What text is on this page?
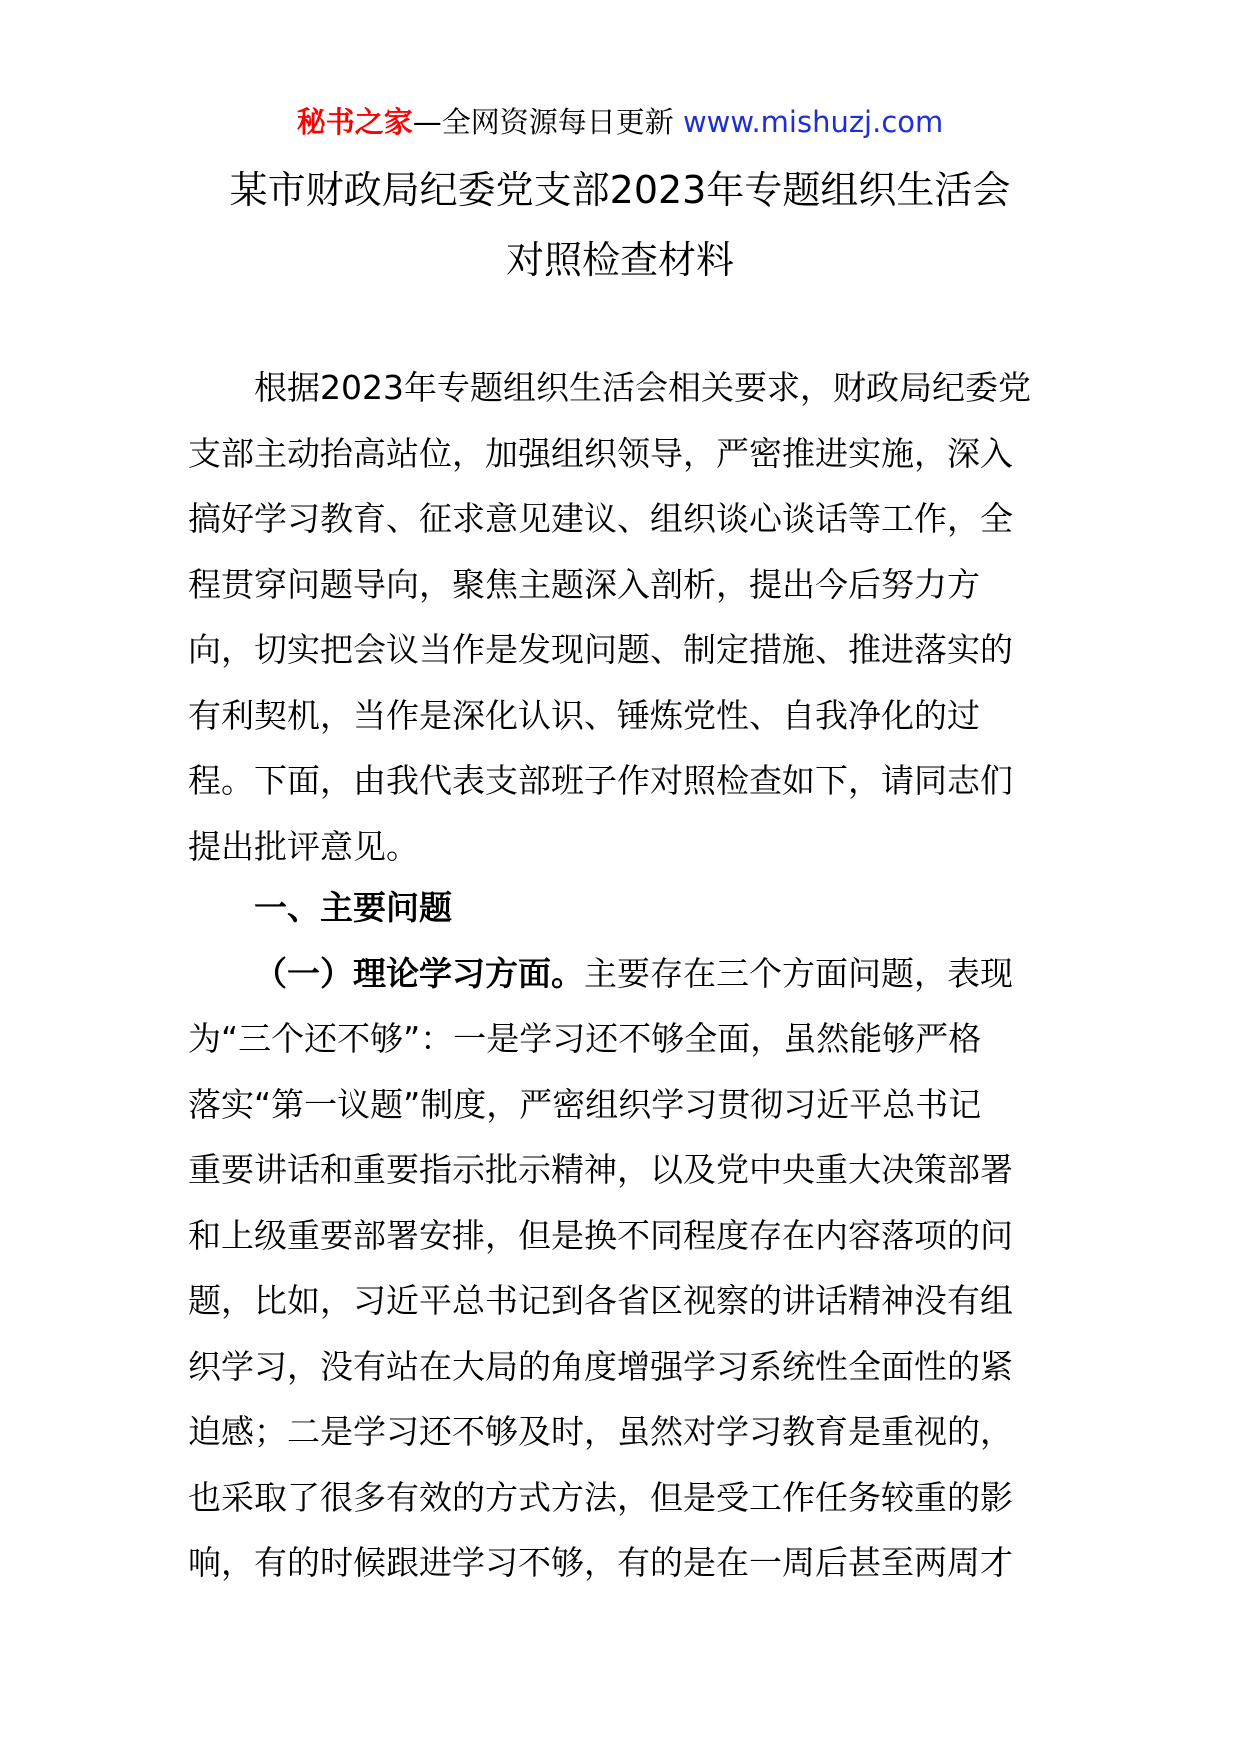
秘书之家—全网资源每日更新 www.mishuzj.com
某市财政局纪委党支部2023年专题组织生活会
对照检查材料
根据2023年专题组织生活会相关要求，财政局纪委党
支部主动抬高站位，加强组织领导，严密推进实施，深入
搞好学习教育、征求意见建议、组织谈心谈话等工作，全
程贯穿问题导向，聚焦主题深入剖析，提出今后努力方
向，切实把会议当作是发现问题、制定措施、推进落实的
有利契机，当作是深化认识、锤炼党性、自我净化的过
程。下面，由我代表支部班子作对照检查如下，请同志们
提出批评意见。
一、主要问题
（一）理论学习方面。主要存在三个方面问题，表现
为“三个还不够”：一是学习还不够全面，虽然能够严格
落实“第一议题”制度，严密组织学习贯彻习近平总书记
重要讲话和重要指示批示精神，以及党中央重大决策部署
和上级重要部署安排，但是换不同程度存在内容落项的问
题，比如，习近平总书记到各省区视察的讲话精神没有组
织学习，没有站在大局的角度增强学习系统性全面性的紧
迫感；二是学习还不够及时，虽然对学习教育是重视的，
也采取了很多有效的方式方法，但是受工作任务较重的影
响，有的时候跟进学习不够，有的是在一周后甚至两周才
